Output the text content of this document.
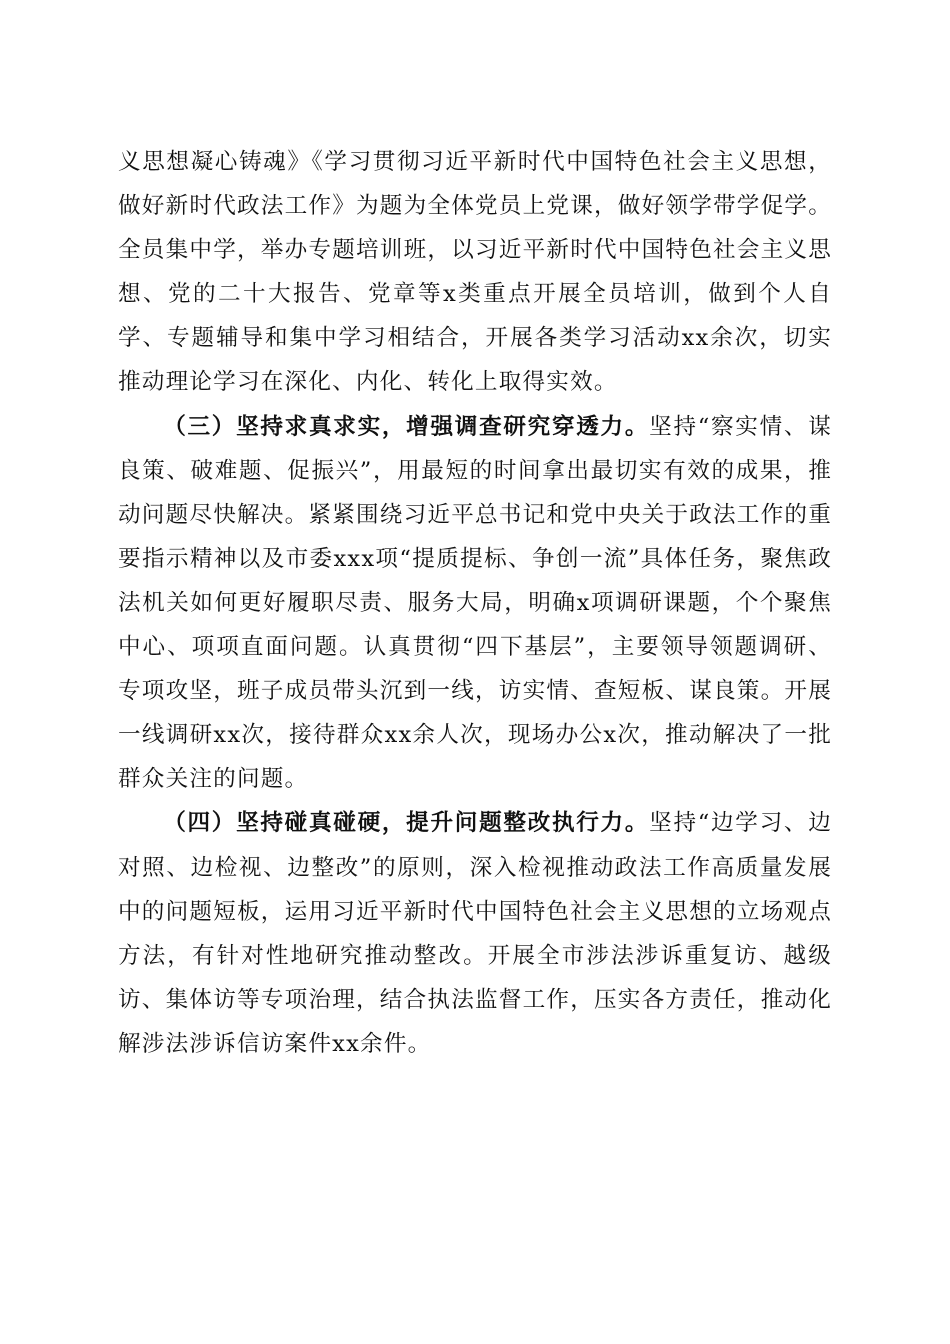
义思想凝心铸魂》《学习贯彻习近平新时代中国特色社会主义思想，做好新时代政法工作》为题为全体党员上党课，做好领学带学促学。全员集中学，举办专题培训班，以习近平新时代中国特色社会主义思想、党的二十大报告、党章等x类重点开展全员培训，做到个人自学、专题辅导和集中学习相结合，开展各类学习活动xx余次，切实推动理论学习在深化、内化、转化上取得实效。

（三）坚持求真求实，增强调查研究穿透力。坚持“察实情、谋良策、破难题、促振兴”，用最短的时间拿出最切实有效的成果，推动问题尽快解决。紧紧围绕习近平总书记和党中央关于政法工作的重要指示精神以及市委xxx项“提质提标、争创一流”具体任务，聚焦政法机关如何更好履职尽责、服务大局，明确x项调研课题，个个聚焦中心、项项直面问题。认真贯彻“四下基层”，主要领导领题调研、专项攻坚，班子成员带头沉到一线，访实情、查短板、谋良策。开展一线调研xx次，接待群众xx余人次，现场办公x次，推动解决了一批群众关注的问题。

（四）坚持碰真碰硬，提升问题整改执行力。坚持“边学习、边对照、边检视、边整改”的原则，深入检视推动政法工作高质量发展中的问题短板，运用习近平新时代中国特色社会主义思想的立场观点方法，有针对性地研究推动整改。开展全市涉法涉诉重复访、越级访、集体访等专项治理，结合执法监督工作，压实各方责任，推动化解涉法涉诉信访案件xx余件。
